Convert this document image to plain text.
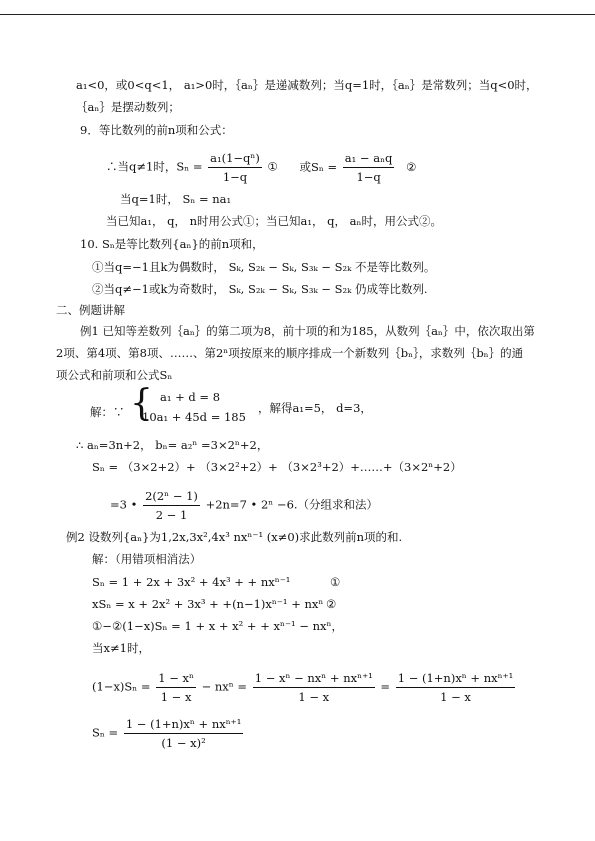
a₁<0，或0<q<1， a₁>0时，｛aₙ｝是递减数列；当q=1时，｛aₙ｝是常数列；当q<0时，
｛aₙ｝是摆动数列；
9．等比数列的前n项和公式：
∴当q≠1时，$S_n = \frac{\text{a₁(1−qⁿ)}}{1-q}$ ① 或$S_n = \frac{\text{a₁ − aₙq}}{1-q}$ ②
当q=1时， Sₙ = na₁
当已知a₁， q， n时用公式①；当已知a₁， q， aₙ时，用公式②。
10. Sₙ是等比数列{aₙ}的前n项和，
①当q=−1且k为偶数时， Sₖ, S₂ₖ − Sₖ, S₃ₖ − S₂ₖ 不是等比数列。
②当q≠−1或k为奇数时， Sₖ, S₂ₖ − Sₖ, S₃ₖ − S₂ₖ 仍成等比数列.
二、例题讲解
例1 已知等差数列｛aₙ｝的第二项为8，前十项的和为185，从数列｛aₙ｝中，依次取出第
2项、第4项、第8项、……、第2ⁿ项按原来的顺序排成一个新数列｛bₙ｝，求数列｛bₙ｝的通
项公式和前项和公式Sₙ
解：∵ { a₁ + d = 8
10a₁ + 45d = 185
，解得a₁=5， d=3，
∴ aₙ=3n+2， bₙ= a₂ⁿ =3×2ⁿ+2，
Sₙ = （3×2+2）+ （3×2²+2）+ （3×2³+2）+……+（3×2ⁿ+2）
=3 • $\frac{\text{2(2ⁿ − 1)}}{2 - 1} +2n=7$ • 2ⁿ −6.（分组求和法）
例2 设数列{aₙ}为1,2x,3x²,4x³ nxⁿ⁻¹ (x≠0)求此数列前n项的和.
解：（用错项相消法）
Sₙ = 1 + 2x + 3x² + 4x³ + + nxⁿ⁻¹	①
xSₙ = x + 2x² + 3x³ + +(n−1)xⁿ⁻¹ + nxⁿ ②
①−②(1−x)Sₙ = 1 + x + x² + + xⁿ⁻¹ − nxⁿ，
当x≠1时，
$(1-x)S_n = \frac{\text{1 − xⁿ}}{1 - x} - nx^n = \frac{\text{1 − xⁿ − nxⁿ + nxⁿ⁺¹}}{1 - x} = \frac{\text{1 − (1+n)xⁿ + nxⁿ⁺¹}}{1 - x}$
$S_n = \frac{\text{1 − (1+n)xⁿ + nxⁿ⁺¹}}{\text{(1 − x)²}}$
